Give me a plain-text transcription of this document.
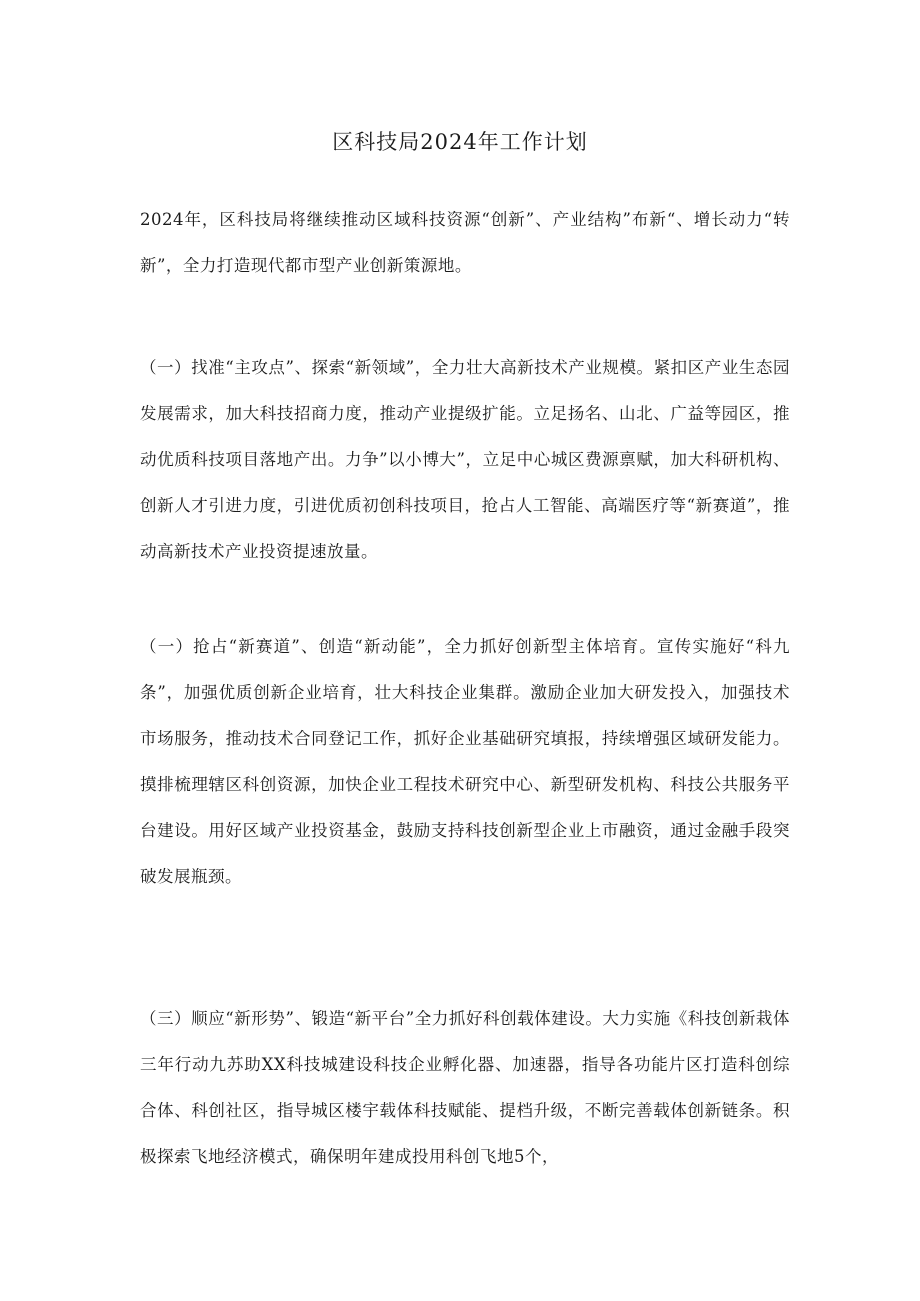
区科技局2024年工作计划
2024年，区科技局将继续推动区域科技资源“创新”、产业结构”布新“、增长动力“转新”，全力打造现代都市型产业创新策源地。
（一）找准“主攻点”、探索“新领域”，全力壮大高新技术产业规模。紧扣区产业生态园发展需求，加大科技招商力度，推动产业提级扩能。立足扬名、山北、广益等园区，推动优质科技项目落地产出。力争”以小博大”，立足中心城区费源禀赋，加大科研机构、创新人才引进力度，引进优质初创科技项目，抢占人工智能、高端医疗等“新赛道”，推动高新技术产业投资提速放量。
（一）抢占“新赛道”、创造“新动能”，全力抓好创新型主体培育。宣传实施好“科九条”，加强优质创新企业培育，壮大科技企业集群。激励企业加大研发投入，加强技术市场服务，推动技术合同登记工作，抓好企业基础研究填报，持续增强区域研发能力。摸排梳理辖区科创资源，加快企业工程技术研究中心、新型研发机构、科技公共服务平台建设。用好区域产业投资基金，鼓励支持科技创新型企业上市融资，通过金融手段突破发展瓶颈。
（三）顺应“新形势”、锻造“新平台”全力抓好科创载体建设。大力实施《科技创新栽体三年行动九苏助XX科技城建设科技企业孵化器、加速器，指导各功能片区打造科创综合体、科创社区，指导城区楼宇载体科技赋能、提档升级，不断完善载体创新链条。积极探索飞地经济模式，确保明年建成投用科创飞地5个，
